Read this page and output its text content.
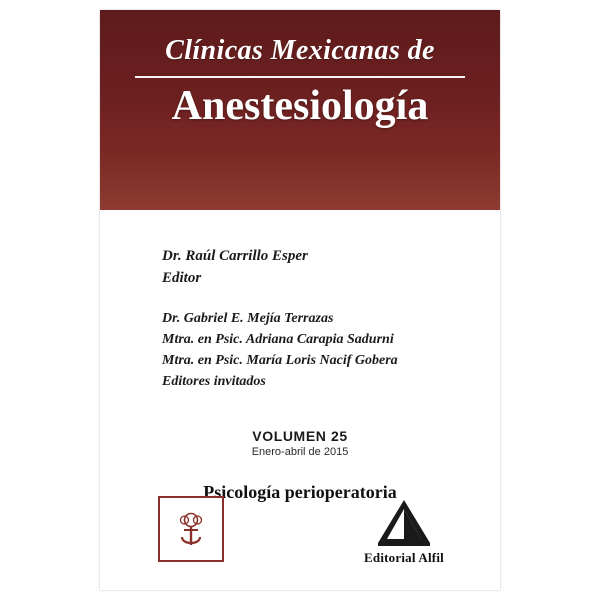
Clínicas Mexicanas de
Anestesiología
Dr. Raúl Carrillo Esper
Editor
Dr. Gabriel E. Mejía Terrazas
Mtra. en Psic. Adriana Carapia Sadurni
Mtra. en Psic. María Loris Nacif Gobera
Editores invitados
VOLUMEN 25
Enero-abril de 2015
Psicología perioperatoria
Editorial Alfil
